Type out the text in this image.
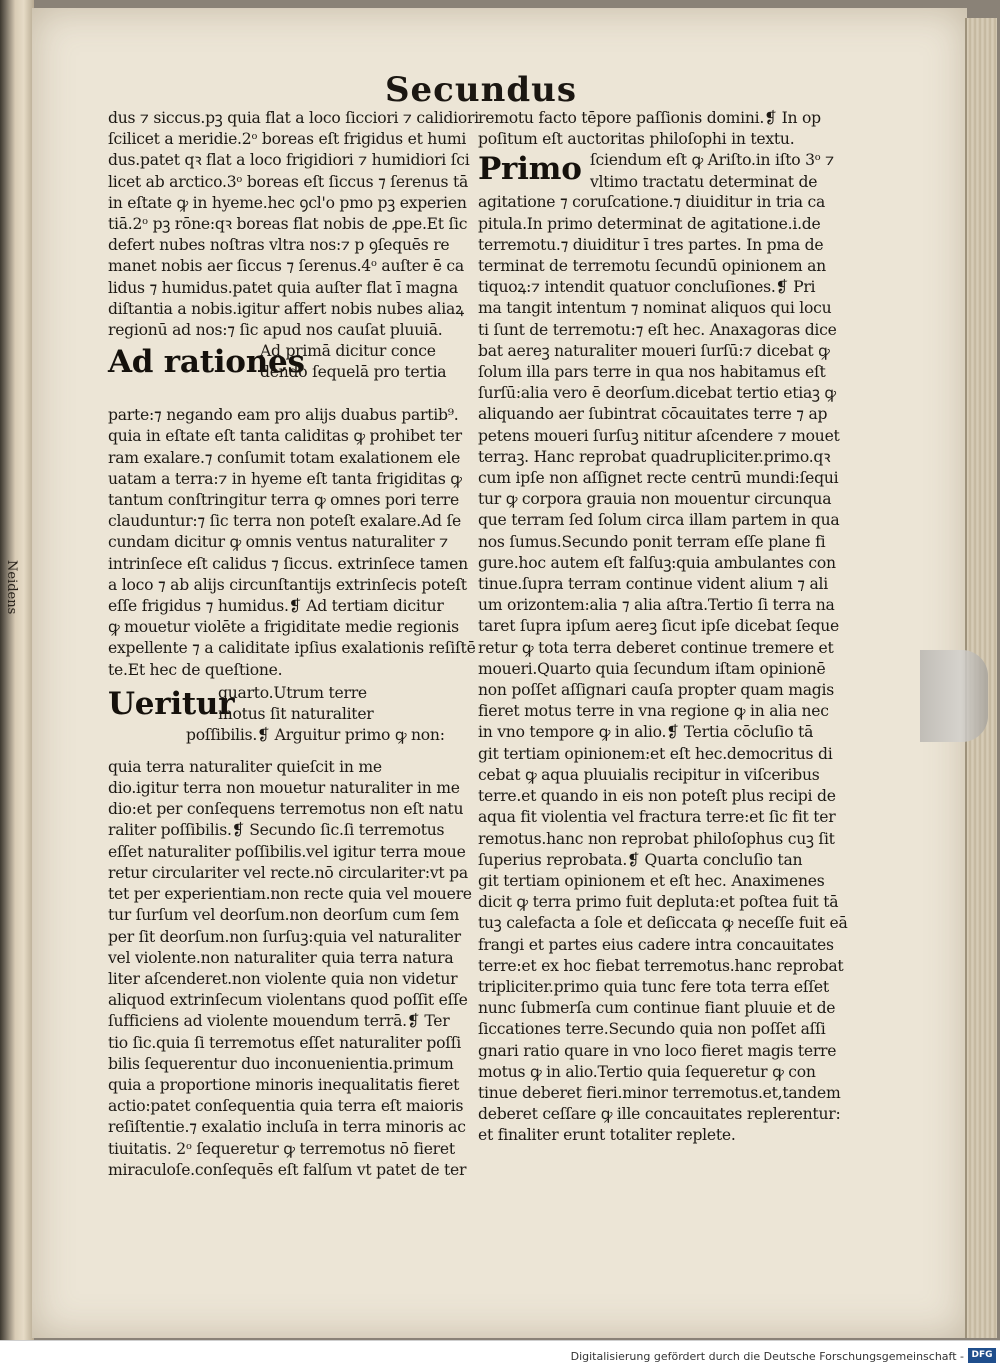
Neidens
Secundus

dus ⁊ siccus.pꝫ quia flat a loco ſicciori ⁊ calidiori

ſcilicet a meridie.2ᵒ boreas eſt frigidus et humi

dus.patet qꝛ flat a loco frigidiori ⁊ humidiori ſci

licet ab arctico.3ᵒ boreas eſt ſiccus ⁊ ſerenus tā

in eſtate ꝙ in hyeme.hec ꝯcl'o pmo pꝫ experien

tiā.2ᵒ pꝫ rōne:qꝛ boreas flat nobis de ꝓpe.Et ſic

defert nubes noſtras vltra nos:⁊ p ꝯſequēs re

manet nobis aer ſiccus ⁊ ſerenus.4ᵒ auſter ē ca

lidus ⁊ humidus.patet quia auſter flat ī magna

diſtantia a nobis.igitur affert nobis nubes aliaꝝ

regionū ad nos:⁊ ſic apud nos cauſat pluuiā.

Ad rationes

Ad primā dicitur conce

dendo ſequelā pro tertia

parte:⁊ negando eam pro alijs duabus partib⁹.

quia in eſtate eſt tanta caliditas ꝙ prohibet ter

ram exalare.⁊ conſumit totam exalationem ele

uatam a terra:⁊ in hyeme eſt tanta frigiditas ꝙ

tantum conſtringitur terra ꝙ omnes pori terre

clauduntur:⁊ ſic terra non poteſt exalare.Ad ſe

cundam dicitur ꝙ omnis ventus naturaliter ⁊

intrinſece eſt calidus ⁊ ſiccus. extrinſece tamen

a loco ⁊ ab alijs circunſtantijs extrinſecis poteſt

eſſe frigidus ⁊ humidus.❡ Ad tertiam dicitur

ꝙ mouetur violēte a frigiditate medie regionis

expellente ⁊ a caliditate ipſius exalationis reſiſtē

te.Et hec de queſtione.

Ueritur

quarto.Utrum terre

motus ſit naturaliter

poſſibilis.❡ Arguitur primo ꝙ non:

quia terra naturaliter quieſcit in me

dio.igitur terra non mouetur naturaliter in me

dio:et per conſequens terremotus non eſt natu

raliter poſſibilis.❡ Secundo ſic.ſi terremotus

eſſet naturaliter poſſibilis.vel igitur terra moue

retur circulariter vel recte.nō circulariter:vt pa

tet per experientiam.non recte quia vel mouere

tur ſurſum vel deorſum.non deorſum cum ſem

per ſit deorſum.non ſurſuꝫ:quia vel naturaliter

vel violente.non naturaliter quia terra natura

liter aſcenderet.non violente quia non videtur

aliquod extrinſecum violentans quod poſſit eſſe

ſufficiens ad violente mouendum terrā.❡ Ter

tio ſic.quia ſi terremotus eſſet naturaliter poſſi

bilis ſequerentur duo inconuenientia.primum

quia a proportione minoris inequalitatis fieret

actio:patet conſequentia quia terra eſt maioris

reſiſtentie.⁊ exalatio incluſa in terra minoris ac

tiuitatis. 2ᵒ ſequeretur ꝙ terremotus nō fieret

miraculoſe.conſequēs eſt falſum vt patet de ter

remotu facto tēpore paſſionis domini.❡ In op

poſitum eſt auctoritas philoſophi in textu.

Primo ſciendum eſt ꝙ Ariſto.in iſto 3ᵒ ⁊

vltimo tractatu determinat de

agitatione ⁊ coruſcatione.⁊ diuiditur in tria ca

pitula.In primo determinat de agitatione.i.de

terremotu.⁊ diuiditur ī tres partes. In pma de

terminat de terremotu ſecundū opinionem an

tiquoꝝ:⁊ intendit quatuor concluſiones.❡ Pri

ma tangit intentum ⁊ nominat aliquos qui locu

ti ſunt de terremotu:⁊ eſt hec. Anaxagoras dice

bat aereꝫ naturaliter moueri ſurſū:⁊ dicebat ꝙ

ſolum illa pars terre in qua nos habitamus eſt

ſurſū:alia vero ē deorſum.dicebat tertio etiaꝫ ꝙ

aliquando aer ſubintrat cōcauitates terre ⁊ ap

petens moueri ſurſuꝫ nititur aſcendere ⁊ mouet

terraꝫ. Hanc reprobat quadrupliciter.primo.qꝛ

cum ipſe non aſſignet recte centrū mundi:ſequi

tur ꝙ corpora grauia non mouentur circunqua

que terram ſed ſolum circa illam partem in qua

nos ſumus.Secundo ponit terram eſſe plane fi

gure.hoc autem eſt falſuꝫ:quia ambulantes con

tinue.ſupra terram continue vident alium ⁊ ali

um orizontem:alia ⁊ alia aſtra.Tertio ſi terra na

taret ſupra ipſum aereꝫ ſicut ipſe dicebat ſeque

retur ꝙ tota terra deberet continue tremere et

moueri.Quarto quia ſecundum iſtam opinionē

non poſſet aſſignari cauſa propter quam magis

fieret motus terre in vna regione ꝙ in alia nec

in vno tempore ꝙ in alio.❡ Tertia cōcluſio tā

git tertiam opinionem:et eſt hec.democritus di

cebat ꝙ aqua pluuialis recipitur in viſceribus

terre.et quando in eis non poteſt plus recipi de

aqua fit violentia vel fractura terre:et ſic fit ter

remotus.hanc non reprobat philoſophus cuꝫ ſit

ſuperius reprobata.❡ Quarta concluſio tan

git tertiam opinionem et eſt hec. Anaximenes

dicit ꝙ terra primo fuit depluta:et poſtea fuit tā

tuꝫ calefacta a ſole et deſiccata ꝙ neceſſe fuit eā

frangi et partes eius cadere intra concauitates

terre:et ex hoc fiebat terremotus.hanc reprobat

tripliciter.primo quia tunc fere tota terra eſſet

nunc ſubmerſa cum continue fiant pluuie et de

ſiccationes terre.Secundo quia non poſſet aſſi

gnari ratio quare in vno loco fieret magis terre

motus ꝙ in alio.Tertio quia ſequeretur ꝙ con

tinue deberet fieri.minor terremotus.et,tandem

deberet ceſſare ꝙ ille concauitates replerentur:

et finaliter erunt totaliter replete.

Digitalisierung gefördert durch die Deutsche Forschungsgemeinschaft - DFG
